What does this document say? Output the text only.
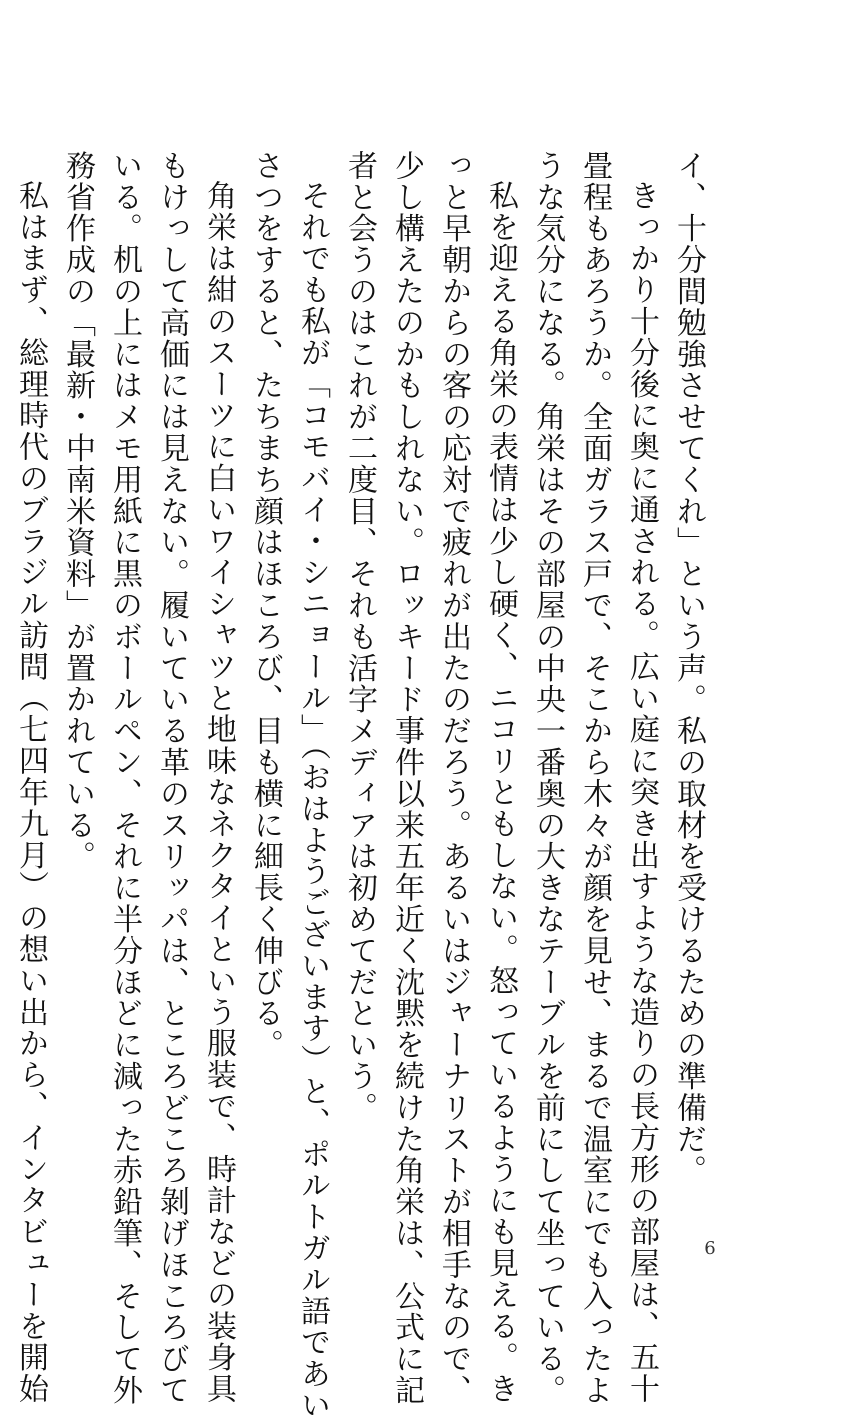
イ、十分間勉強させてくれ」という声。私の取材を受けるための準備だ。

きっかり十分後に奥に通される。広い庭に突き出すような造りの長方形の部屋は、五十

畳程もあろうか。全面ガラス戸で、そこから木々が顔を見せ、まるで温室にでも入ったよ

うな気分になる。角栄はその部屋の中央一番奥の大きなテーブルを前にして坐っている。

私を迎える角栄の表情は少し硬く、ニコリともしない。怒っているようにも見える。き

っと早朝からの客の応対で疲れが出たのだろう。あるいはジャーナリストが相手なので、

少し構えたのかもしれない。ロッキード事件以来五年近く沈黙を続けた角栄は、公式に記

者と会うのはこれが二度目、それも活字メディアは初めてだという。

それでも私が「コモバイ・シニョール」（おはようございます）と、ポルトガル語であい

さつをすると、たちまち顔はほころび、目も横に細長く伸びる。

角栄は紺のスーツに白いワイシャツと地味なネクタイという服装で、時計などの装身具

もけっして高価には見えない。履いている革のスリッパは、ところどころ剝げほころびて

いる。机の上にはメモ用紙に黒のボールペン、それに半分ほどに減った赤鉛筆、そして外

務省作成の「最新・中南米資料」が置かれている。

私はまず、総理時代のブラジル訪問（七四年九月）の想い出から、インタビューを開始	6
